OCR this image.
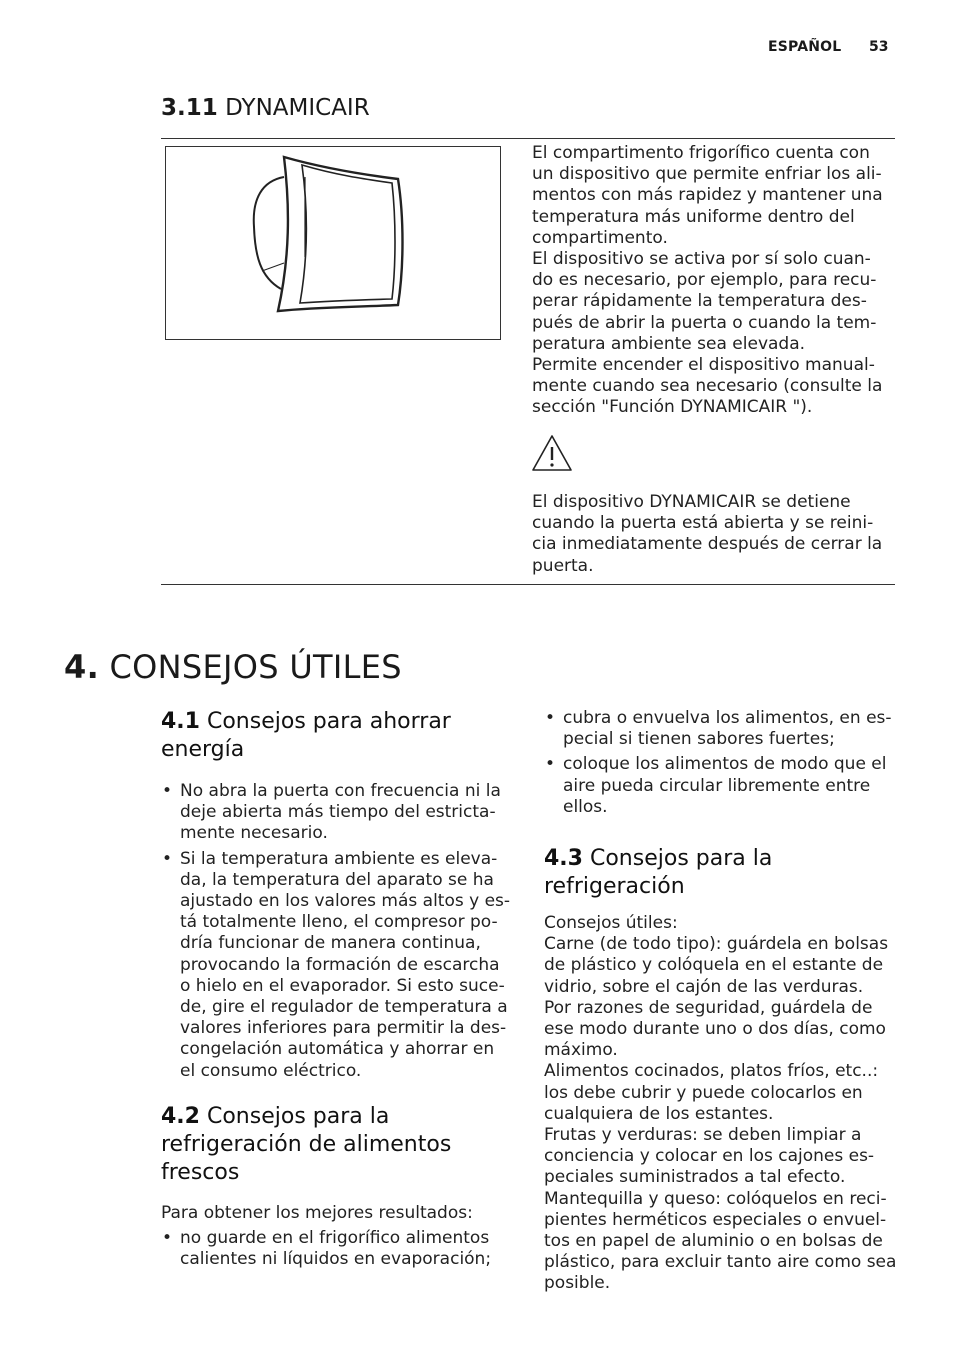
ESPAÑOL 53
3.11 DYNAMICAIR

El compartimento frigorífico cuenta con
un dispositivo que permite enfriar los ali-
mentos con más rapidez y mantener una
temperatura más uniforme dentro del
compartimento.

El dispositivo se activa por sí solo cuan-
do es necesario, por ejemplo, para recu-
perar rápidamente la temperatura des-
pués de abrir la puerta o cuando la tem-
peratura ambiente sea elevada.

Permite encender el dispositivo manual-
mente cuando sea necesario (consulte la
sección "Función DYNAMICAIR ").

El dispositivo DYNAMICAIR se detiene
cuando la puerta está abierta y se reini-
cia inmediatamente después de cerrar la
puerta.

4. CONSEJOS ÚTILES

4.1 Consejos para ahorrar
energía

• No abra la puerta con frecuencia ni la
deje abierta más tiempo del estricta-
mente necesario.
• Si la temperatura ambiente es eleva-
da, la temperatura del aparato se ha
ajustado en los valores más altos y es-
tá totalmente lleno, el compresor po-
dría funcionar de manera continua,
provocando la formación de escarcha
o hielo en el evaporador. Si esto suce-
de, gire el regulador de temperatura a
valores inferiores para permitir la des-
congelación automática y ahorrar en
el consumo eléctrico.

4.2 Consejos para la
refrigeración de alimentos
frescos

Para obtener los mejores resultados:

• no guarde en el frigorífico alimentos
calientes ni líquidos en evaporación;
• cubra o envuelva los alimentos, en es-
pecial si tienen sabores fuertes;
• coloque los alimentos de modo que el
aire pueda circular libremente entre
ellos.

4.3 Consejos para la
refrigeración

Consejos útiles:
Carne (de todo tipo): guárdela en bolsas
de plástico y colóquela en el estante de
vidrio, sobre el cajón de las verduras.
Por razones de seguridad, guárdela de
ese modo durante uno o dos días, como
máximo.
Alimentos cocinados, platos fríos, etc..:
los debe cubrir y puede colocarlos en
cualquiera de los estantes.
Frutas y verduras: se deben limpiar a
conciencia y colocar en los cajones es-
peciales suministrados a tal efecto.
Mantequilla y queso: colóquelos en reci-
pientes herméticos especiales o envuel-
tos en papel de aluminio o en bolsas de
plástico, para excluir tanto aire como sea
posible.
